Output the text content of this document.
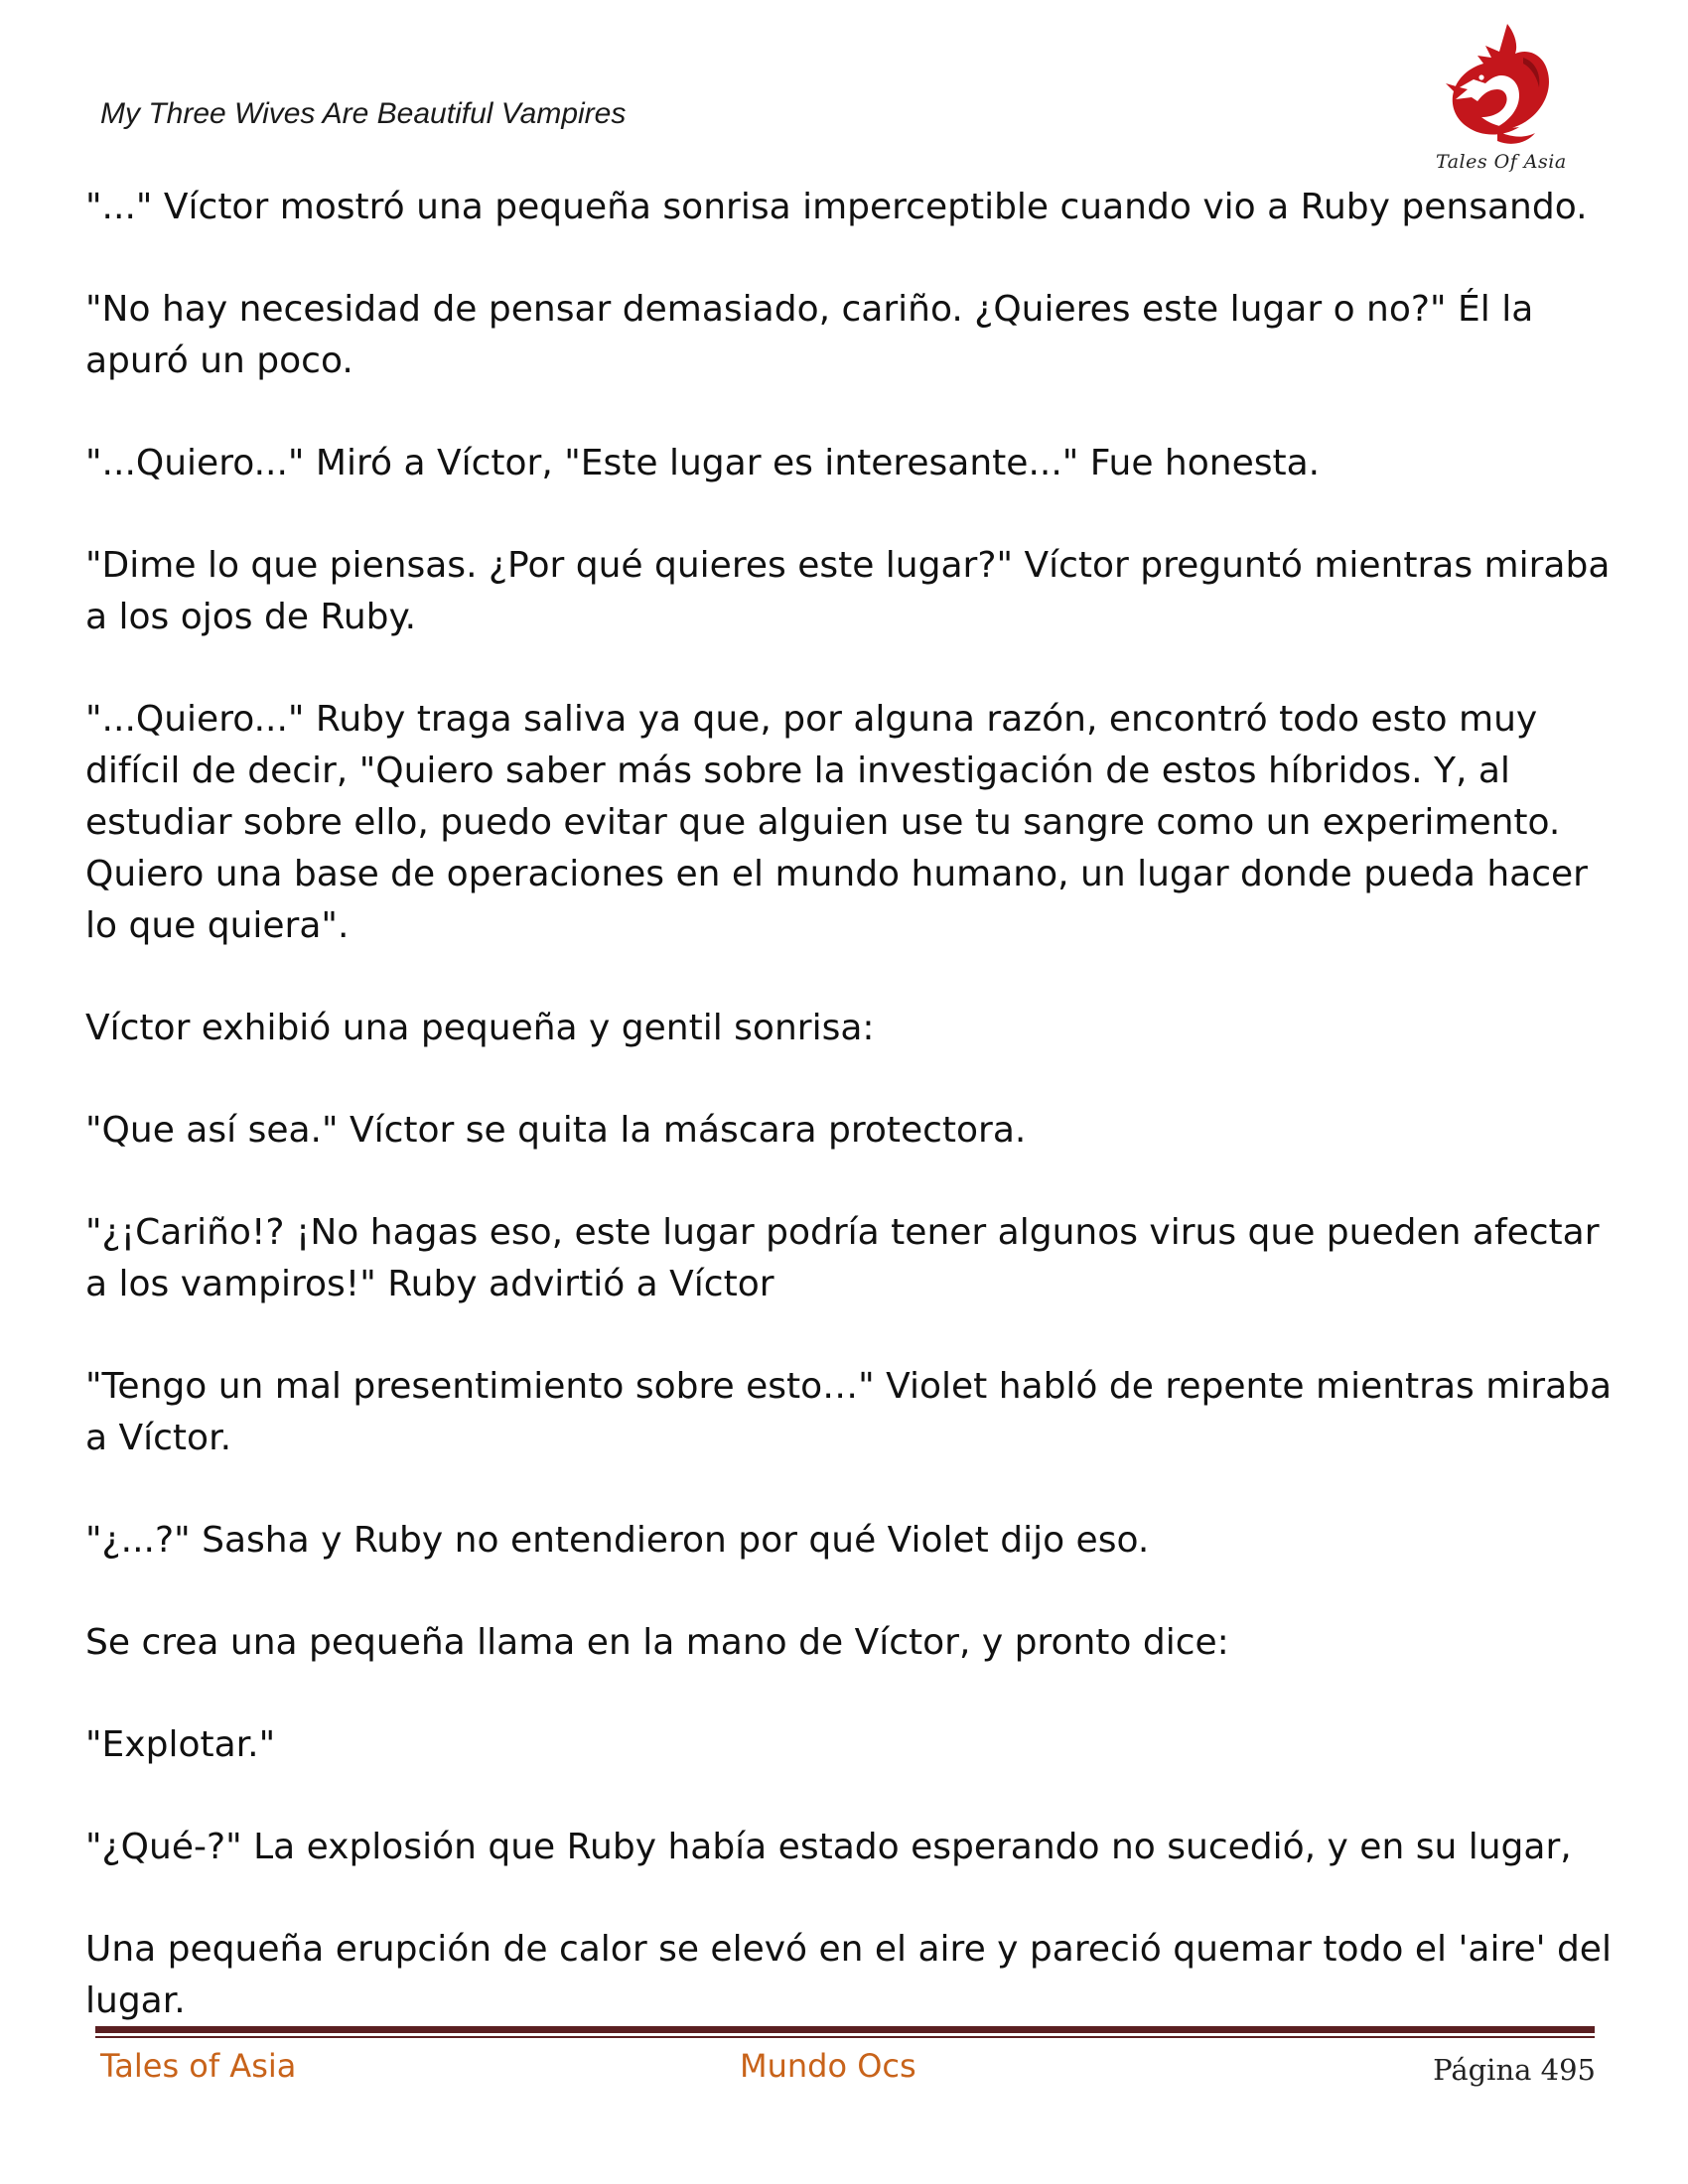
My Three Wives Are Beautiful Vampires

Tales Of Asia

"..." Víctor mostró una pequeña sonrisa imperceptible cuando vio a Ruby pensando.

"No hay necesidad de pensar demasiado, cariño. ¿Quieres este lugar o no?" Él la apuró un poco.

"...Quiero..." Miró a Víctor, "Este lugar es interesante..." Fue honesta.

"Dime lo que piensas. ¿Por qué quieres este lugar?" Víctor preguntó mientras miraba a los ojos de Ruby.

"...Quiero..." Ruby traga saliva ya que, por alguna razón, encontró todo esto muy difícil de decir, "Quiero saber más sobre la investigación de estos híbridos. Y, al estudiar sobre ello, puedo evitar que alguien use tu sangre como un experimento. Quiero una base de operaciones en el mundo humano, un lugar donde pueda hacer lo que quiera".

Víctor exhibió una pequeña y gentil sonrisa:

"Que así sea." Víctor se quita la máscara protectora.

"¿¡Cariño!? ¡No hagas eso, este lugar podría tener algunos virus que pueden afectar a los vampiros!" Ruby advirtió a Víctor

"Tengo un mal presentimiento sobre esto…" Violet habló de repente mientras miraba a Víctor.

"¿...?" Sasha y Ruby no entendieron por qué Violet dijo eso.

Se crea una pequeña llama en la mano de Víctor, y pronto dice:

"Explotar."

"¿Qué-?" La explosión que Ruby había estado esperando no sucedió, y en su lugar,

Una pequeña erupción de calor se elevó en el aire y pareció quemar todo el 'aire' del lugar.

Tales of Asia	Mundo Ocs	Página 495
